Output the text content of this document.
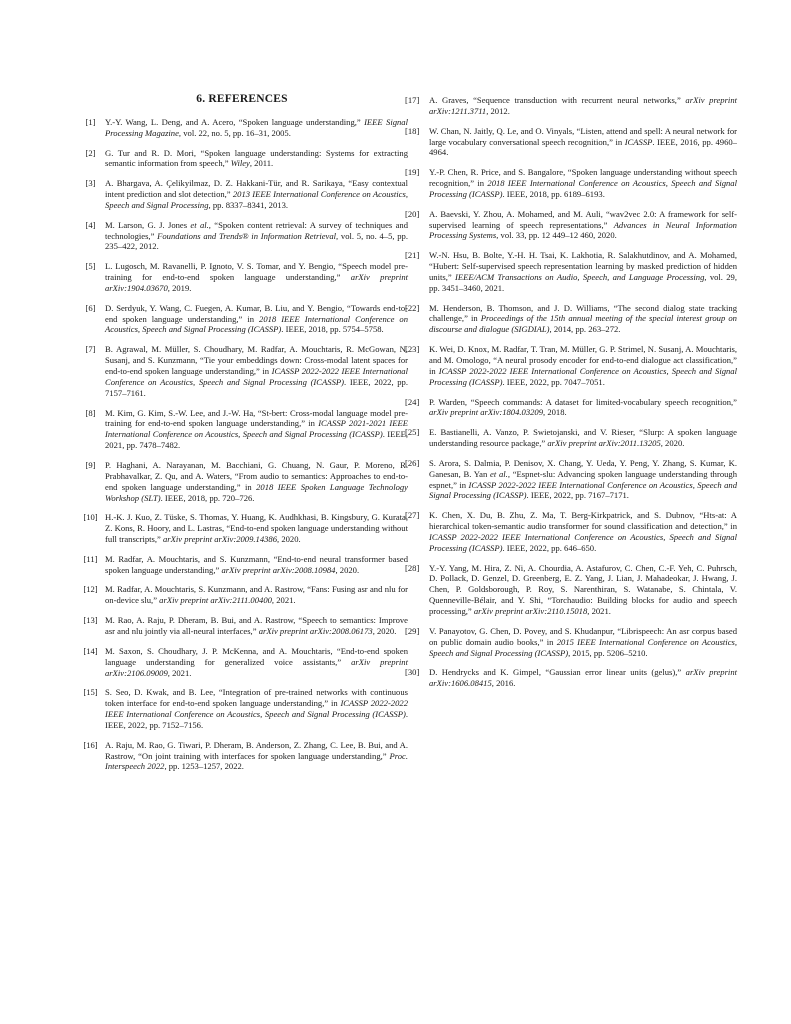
6. REFERENCES
[1]	Y.-Y. Wang, L. Deng, and A. Acero, “Spoken language understanding,” IEEE Signal Processing Magazine, vol. 22, no. 5, pp. 16–31, 2005.
[2]	G. Tur and R. D. Mori, “Spoken language understanding: Systems for extracting semantic information from speech,” Wiley, 2011.
[3]	A. Bhargava, A. Çelikyilmaz, D. Z. Hakkani-Tür, and R. Sarikaya, “Easy contextual intent prediction and slot detection,” 2013 IEEE International Conference on Acoustics, Speech and Signal Processing, pp. 8337–8341, 2013.
[4]	M. Larson, G. J. Jones et al., “Spoken content retrieval: A survey of techniques and technologies,” Foundations and Trends® in Information Retrieval, vol. 5, no. 4–5, pp. 235–422, 2012.
[5]	L. Lugosch, M. Ravanelli, P. Ignoto, V. S. Tomar, and Y. Bengio, “Speech model pre-training for end-to-end spoken language understanding,” arXiv preprint arXiv:1904.03670, 2019.
[6]	D. Serdyuk, Y. Wang, C. Fuegen, A. Kumar, B. Liu, and Y. Bengio, “Towards end-to-end spoken language understanding,” in 2018 IEEE International Conference on Acoustics, Speech and Signal Processing (ICASSP). IEEE, 2018, pp. 5754–5758.
[7]	B. Agrawal, M. Müller, S. Choudhary, M. Radfar, A. Mouchtaris, R. McGowan, N. Susanj, and S. Kunzmann, “Tie your embeddings down: Cross-modal latent spaces for end-to-end spoken language understanding,” in ICASSP 2022-2022 IEEE International Conference on Acoustics, Speech and Signal Processing (ICASSP). IEEE, 2022, pp. 7157–7161.
[8]	M. Kim, G. Kim, S.-W. Lee, and J.-W. Ha, “St-bert: Cross-modal language model pre-training for end-to-end spoken language understanding,” in ICASSP 2021-2021 IEEE International Conference on Acoustics, Speech and Signal Processing (ICASSP). IEEE, 2021, pp. 7478–7482.
[9]	P. Haghani, A. Narayanan, M. Bacchiani, G. Chuang, N. Gaur, P. Moreno, R. Prabhavalkar, Z. Qu, and A. Waters, “From audio to semantics: Approaches to end-to-end spoken language understanding,” in 2018 IEEE Spoken Language Technology Workshop (SLT). IEEE, 2018, pp. 720–726.
[10] H.-K. J. Kuo, Z. Tüske, S. Thomas, Y. Huang, K. Audhkhasi, B. Kingsbury, G. Kurata, Z. Kons, R. Hoory, and L. Lastras, “End-to-end spoken language understanding without full transcripts,” arXiv preprint arXiv:2009.14386, 2020.
[11] M. Radfar, A. Mouchtaris, and S. Kunzmann, “End-to-end neural transformer based spoken language understanding,” arXiv preprint arXiv:2008.10984, 2020.
[12] M. Radfar, A. Mouchtaris, S. Kunzmann, and A. Rastrow, “Fans: Fusing asr and nlu for on-device slu,” arXiv preprint arXiv:2111.00400, 2021.
[13] M. Rao, A. Raju, P. Dheram, B. Bui, and A. Rastrow, “Speech to semantics: Improve asr and nlu jointly via all-neural interfaces,” arXiv preprint arXiv:2008.06173, 2020.
[14] M. Saxon, S. Choudhary, J. P. McKenna, and A. Mouchtaris, “End-to-end spoken language understanding for generalized voice assistants,” arXiv preprint arXiv:2106.09009, 2021.
[15] S. Seo, D. Kwak, and B. Lee, “Integration of pre-trained networks with continuous token interface for end-to-end spoken language understanding,” in ICASSP 2022-2022 IEEE International Conference on Acoustics, Speech and Signal Processing (ICASSP). IEEE, 2022, pp. 7152–7156.
[16] A. Raju, M. Rao, G. Tiwari, P. Dheram, B. Anderson, Z. Zhang, C. Lee, B. Bui, and A. Rastrow, “On joint training with interfaces for spoken language understanding,” Proc. Interspeech 2022, pp. 1253–1257, 2022.
[17]	A. Graves, “Sequence transduction with recurrent neural networks,” arXiv preprint arXiv:1211.3711, 2012.
[18]	W. Chan, N. Jaitly, Q. Le, and O. Vinyals, “Listen, attend and spell: A neural network for large vocabulary conversational speech recognition,” in ICASSP. IEEE, 2016, pp. 4960–4964.
[19]	Y.-P. Chen, R. Price, and S. Bangalore, “Spoken language understanding without speech recognition,” in 2018 IEEE International Conference on Acoustics, Speech and Signal Processing (ICASSP). IEEE, 2018, pp. 6189–6193.
[20]	A. Baevski, Y. Zhou, A. Mohamed, and M. Auli, “wav2vec 2.0: A framework for self-supervised learning of speech representations,” Advances in Neural Information Processing Systems, vol. 33, pp. 12 449–12 460, 2020.
[21]	W.-N. Hsu, B. Bolte, Y.-H. H. Tsai, K. Lakhotia, R. Salakhutdinov, and A. Mohamed, “Hubert: Self-supervised speech representation learning by masked prediction of hidden units,” IEEE/ACM Transactions on Audio, Speech, and Language Processing, vol. 29, pp. 3451–3460, 2021.
[22]	M. Henderson, B. Thomson, and J. D. Williams, “The second dialog state tracking challenge,” in Proceedings of the 15th annual meeting of the special interest group on discourse and dialogue (SIGDIAL), 2014, pp. 263–272.
[23]	K. Wei, D. Knox, M. Radfar, T. Tran, M. Müller, G. P. Strimel, N. Susanj, A. Mouchtaris, and M. Omologo, “A neural prosody encoder for end-to-end dialogue act classification,” in ICASSP 2022-2022 IEEE International Conference on Acoustics, Speech and Signal Processing (ICASSP). IEEE, 2022, pp. 7047–7051.
[24]	P. Warden, “Speech commands: A dataset for limited-vocabulary speech recognition,” arXiv preprint arXiv:1804.03209, 2018.
[25]	E. Bastianelli, A. Vanzo, P. Swietojanski, and V. Rieser, “Slurp: A spoken language understanding resource package,” arXiv preprint arXiv:2011.13205, 2020.
[26]	S. Arora, S. Dalmia, P. Denisov, X. Chang, Y. Ueda, Y. Peng, Y. Zhang, S. Kumar, K. Ganesan, B. Yan et al., “Espnet-slu: Advancing spoken language understanding through espnet,” in ICASSP 2022-2022 IEEE International Conference on Acoustics, Speech and Signal Processing (ICASSP). IEEE, 2022, pp. 7167–7171.
[27]	K. Chen, X. Du, B. Zhu, Z. Ma, T. Berg-Kirkpatrick, and S. Dubnov, “Hts-at: A hierarchical token-semantic audio transformer for sound classification and detection,” in ICASSP 2022-2022 IEEE International Conference on Acoustics, Speech and Signal Processing (ICASSP). IEEE, 2022, pp. 646–650.
[28]	Y.-Y. Yang, M. Hira, Z. Ni, A. Chourdia, A. Astafurov, C. Chen, C.-F. Yeh, C. Puhrsch, D. Pollack, D. Genzel, D. Greenberg, E. Z. Yang, J. Lian, J. Mahadeokar, J. Hwang, J. Chen, P. Goldsborough, P. Roy, S. Narenthiran, S. Watanabe, S. Chintala, V. Quenneville-Bélair, and Y. Shi, “Torchaudio: Building blocks for audio and speech processing,” arXiv preprint arXiv:2110.15018, 2021.
[29]	V. Panayotov, G. Chen, D. Povey, and S. Khudanpur, “Librispeech: An asr corpus based on public domain audio books,” in 2015 IEEE International Conference on Acoustics, Speech and Signal Processing (ICASSP), 2015, pp. 5206–5210.
[30]	D. Hendrycks and K. Gimpel, “Gaussian error linear units (gelus),” arXiv preprint arXiv:1606.08415, 2016.
